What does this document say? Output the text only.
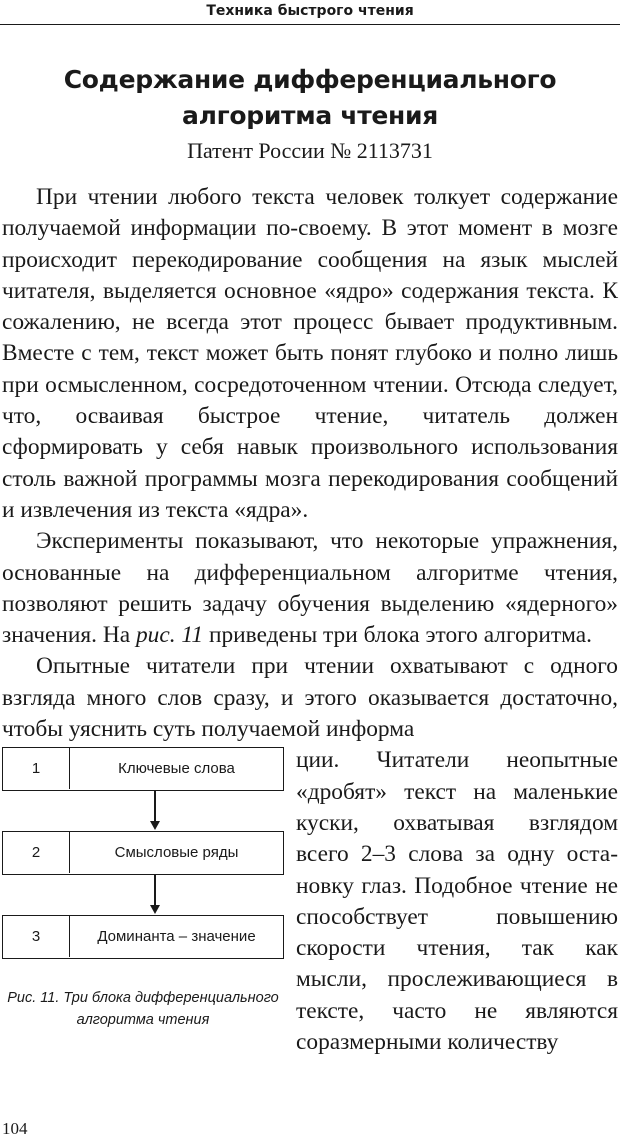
Техника быстрого чтения
Содержание дифференциального алгоритма чтения
Патент России № 2113731

При чтении любого текста человек толкует содержание получаемой информации по-своему. В этот момент в мозге происходит перекодирование сообщения на язык мыслей читателя, выделяется основное «ядро» содержания текста. К сожалению, не всегда этот процесс бывает продуктивным. Вместе с тем, текст может быть понят глубоко и полно лишь при осмысленном, сосредоточенном чтении. Отсюда следует, что, осваивая быстрое чтение, читатель должен сформировать у себя навык произвольного использования столь важной программы мозга перекодирования сообщений и извлечения из текста «ядра».

Эксперименты показывают, что некоторые упражнения, основанные на дифференциальном алгоритме чтения, позволяют решить задачу обучения выделению «ядерного» значения. На рис. 11 приведены три блока этого алгоритма.

Опытные читатели при чтении охватывают с одного взгляда много слов сразу, и этого оказывается достаточно, чтобы уяснить суть получаемой информа

1	Ключевые слова
2	Смысловые ряды
3	Доминанта – значение
Рис. 11. Три блока дифференциального алгоритма чтения

ции. Читатели неопытные «дробят» текст на маленькие куски, охватывая взглядом всего 2–3 слова за одну остановку глаз. Подобное чтение не способствует повышению скорости чтения, так как мысли, прослеживающиеся в тексте, часто не являются соразмерными количеству

104
